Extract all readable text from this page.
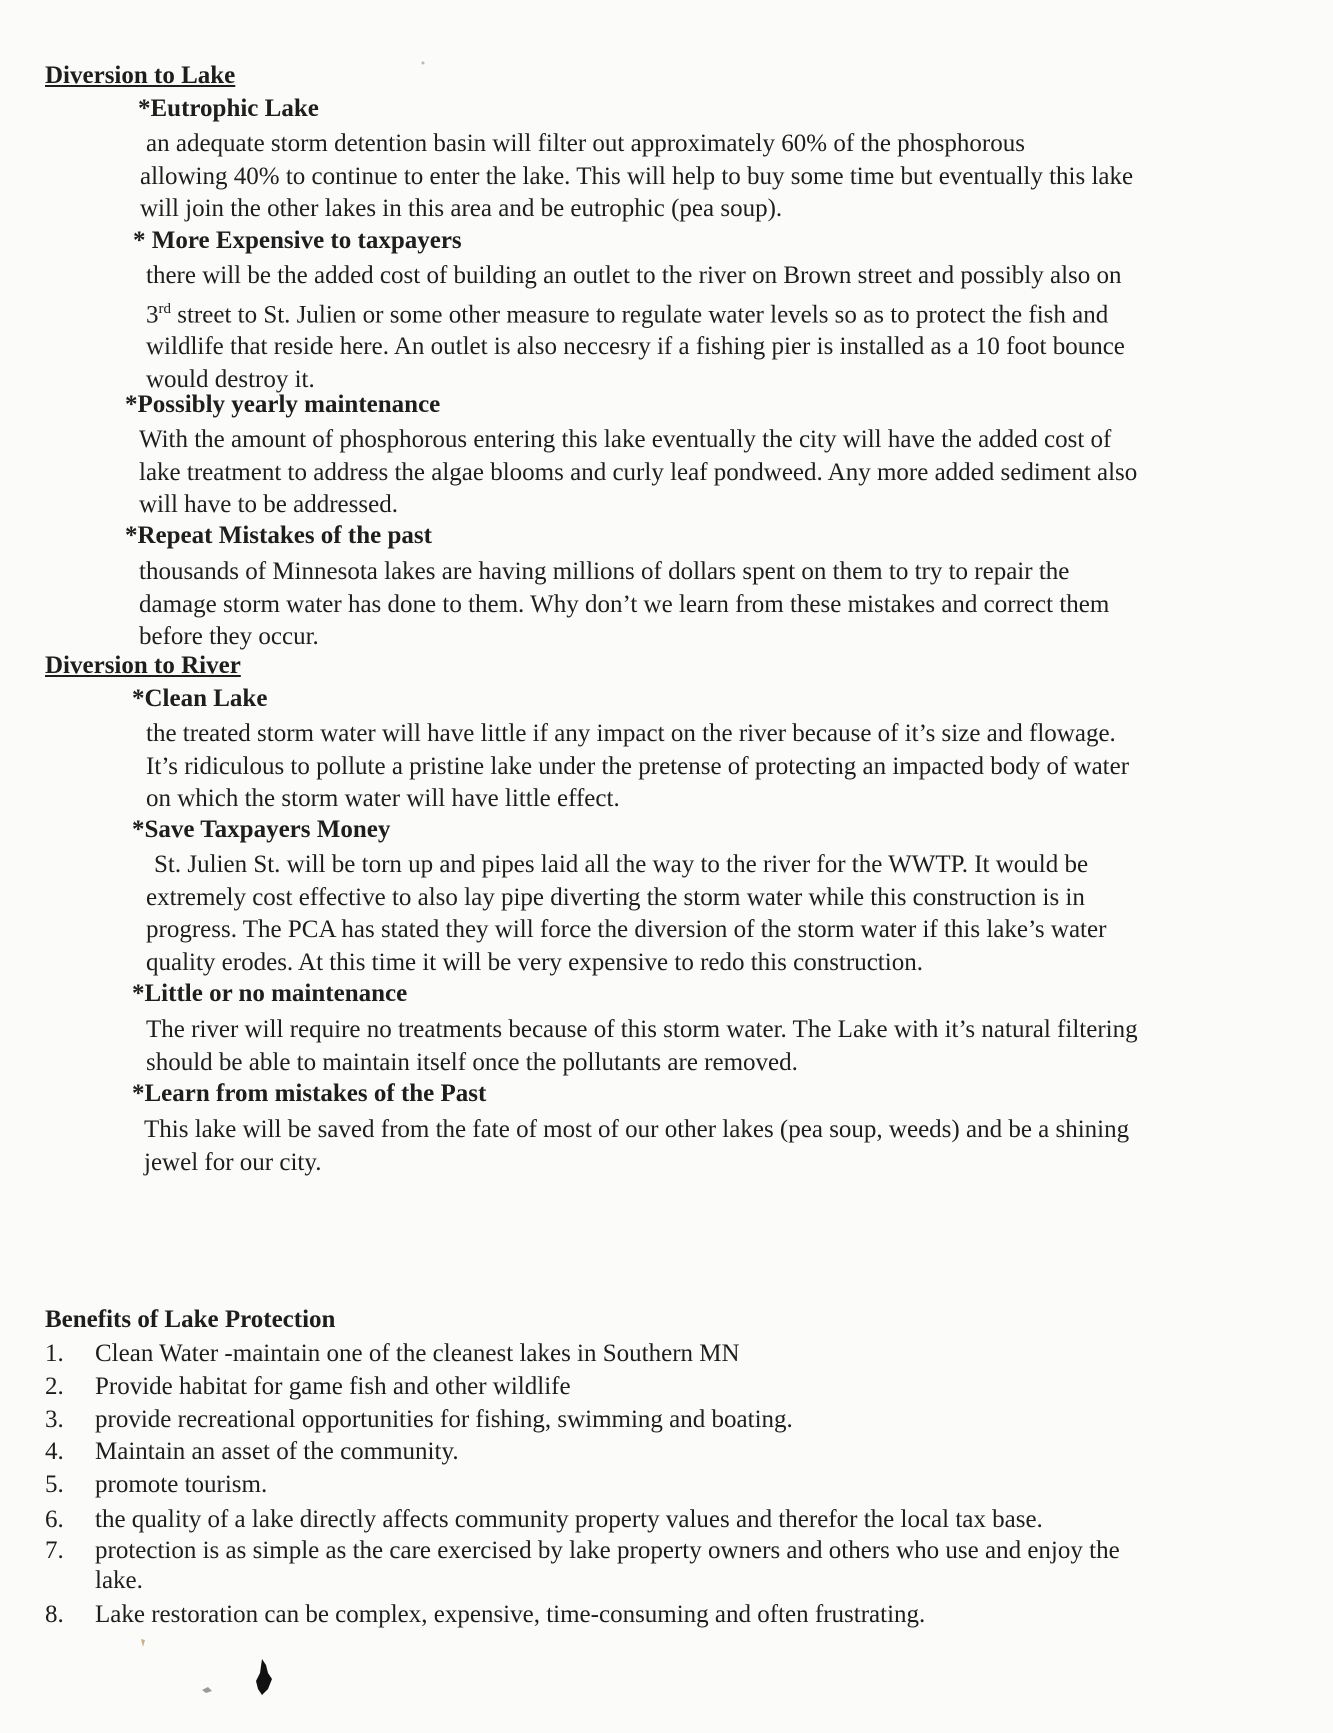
Diversion to Lake
*Eutrophic Lake

an adequate storm detention basin will filter out approximately 60% of the phosphorous

allowing 40% to continue to enter the lake. This will help to buy some time but eventually this lake

will join the other lakes in this area and be eutrophic (pea soup).

* More Expensive to taxpayers

there will be the added cost of building an outlet to the river on Brown street and possibly also on

3rd street to St. Julien or some other measure to regulate water levels so as to protect the fish and

wildlife that reside here. An outlet is also neccesry if a fishing pier is installed as a 10 foot bounce

would destroy it.

*Possibly yearly maintenance

With the amount of phosphorous entering this lake eventually the city will have the added cost of

lake treatment to address the algae blooms and curly leaf pondweed. Any more added sediment also

will have to be addressed.

*Repeat Mistakes of the past

thousands of Minnesota lakes are having millions of dollars spent on them to try to repair the

damage storm water has done to them. Why don’t we learn from these mistakes and correct them

before they occur.

Diversion to River
*Clean Lake

the treated storm water will have little if any impact on the river because of it’s size and flowage.

It’s ridiculous to pollute a pristine lake under the pretense of protecting an impacted body of water

on which the storm water will have little effect.

*Save Taxpayers Money

St. Julien St. will be torn up and pipes laid all the way to the river for the WWTP. It would be

extremely cost effective to also lay pipe diverting the storm water while this construction is in

progress. The PCA has stated they will force the diversion of the storm water if this lake’s water

quality erodes. At this time it will be very expensive to redo this construction.

*Little or no maintenance

The river will require no treatments because of this storm water. The Lake with it’s natural filtering

should be able to maintain itself once the pollutants are removed.

*Learn from mistakes of the Past

This lake will be saved from the fate of most of our other lakes (pea soup, weeds) and be a shining

jewel for our city.

Benefits of Lake Protection
1. Clean Water -maintain one of the cleanest lakes in Southern MN
2. Provide habitat for game fish and other wildlife
3. provide recreational opportunities for fishing, swimming and boating.
4. Maintain an asset of the community.
5. promote tourism.
6. the quality of a lake directly affects community property values and therefor the local tax base.
7. protection is as simple as the care exercised by lake property owners and others who use and enjoy the
lake.
8. Lake restoration can be complex, expensive, time-consuming and often frustrating.
